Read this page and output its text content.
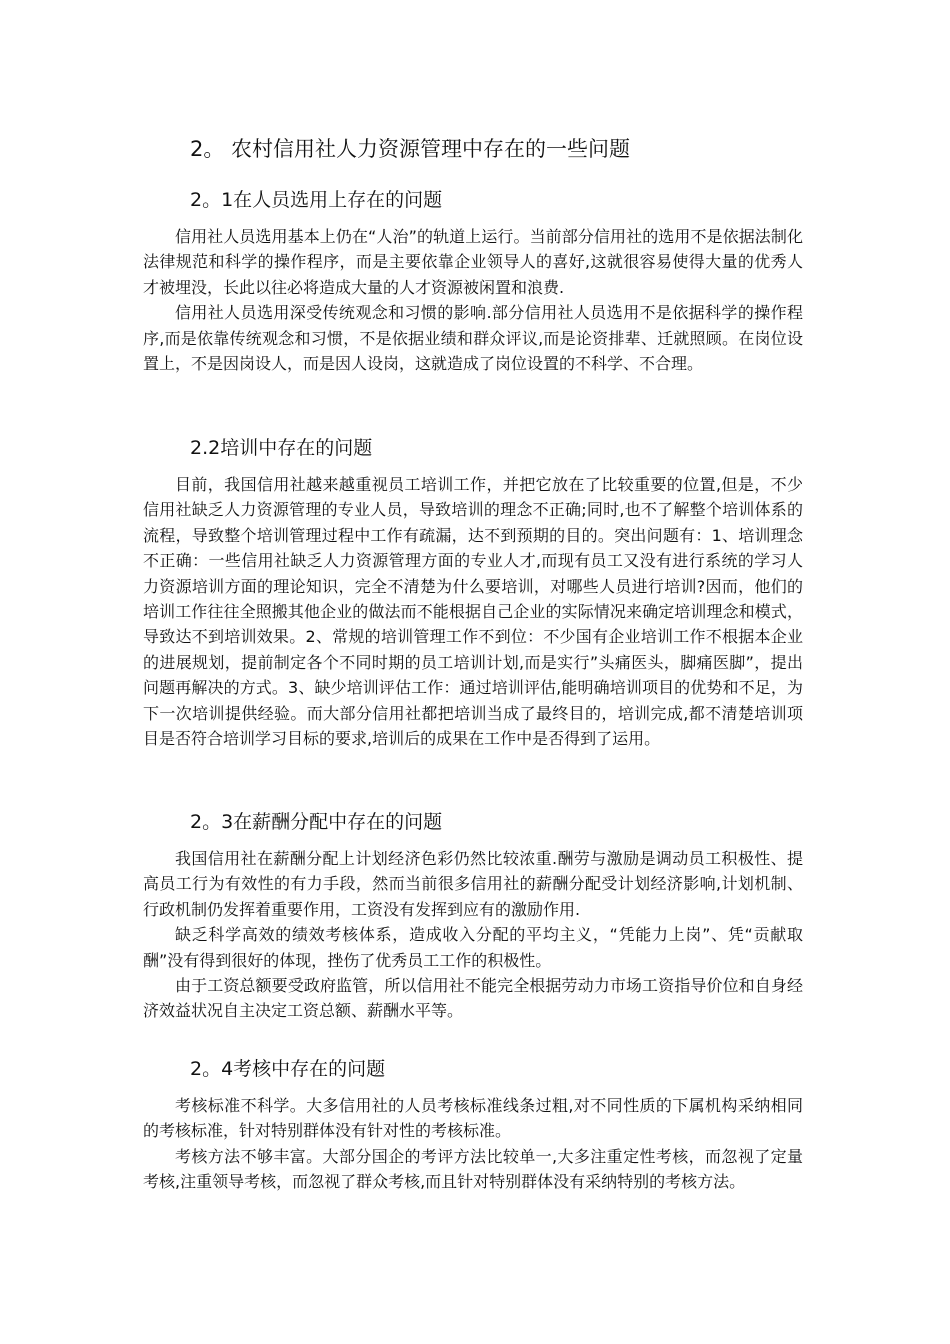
2。 农村信用社人力资源管理中存在的一些问题
2。1在人员选用上存在的问题

信用社人员选用基本上仍在“人治”的轨道上运行。当前部分信用社的选用不是依据法制化法律规范和科学的操作程序，而是主要依靠企业领导人的喜好,这就很容易使得大量的优秀人才被埋没，长此以往必将造成大量的人才资源被闲置和浪费.

信用社人员选用深受传统观念和习惯的影响.部分信用社人员选用不是依据科学的操作程序,而是依靠传统观念和习惯，不是依据业绩和群众评议,而是论资排辈、迁就照顾。在岗位设置上，不是因岗设人，而是因人设岗，这就造成了岗位设置的不科学、不合理。

2.2培训中存在的问题

目前，我国信用社越来越重视员工培训工作，并把它放在了比较重要的位置,但是，不少信用社缺乏人力资源管理的专业人员，导致培训的理念不正确;同时,也不了解整个培训体系的流程，导致整个培训管理过程中工作有疏漏，达不到预期的目的。突出问题有：1、培训理念不正确：一些信用社缺乏人力资源管理方面的专业人才,而现有员工又没有进行系统的学习人力资源培训方面的理论知识，完全不清楚为什么要培训，对哪些人员进行培训?因而，他们的培训工作往往全照搬其他企业的做法而不能根据自己企业的实际情况来确定培训理念和模式，导致达不到培训效果。2、常规的培训管理工作不到位：不少国有企业培训工作不根据本企业的进展规划，提前制定各个不同时期的员工培训计划,而是实行”头痛医头，脚痛医脚”，提出问题再解决的方式。3、缺少培训评估工作：通过培训评估,能明确培训项目的优势和不足，为下一次培训提供经验。而大部分信用社都把培训当成了最终目的，培训完成,都不清楚培训项目是否符合培训学习目标的要求,培训后的成果在工作中是否得到了运用。

2。3在薪酬分配中存在的问题

我国信用社在薪酬分配上计划经济色彩仍然比较浓重.酬劳与激励是调动员工积极性、提高员工行为有效性的有力手段，然而当前很多信用社的薪酬分配受计划经济影响,计划机制、行政机制仍发挥着重要作用，工资没有发挥到应有的激励作用.

缺乏科学高效的绩效考核体系，造成收入分配的平均主义，“凭能力上岗”、凭“贡献取酬”没有得到很好的体现，挫伤了优秀员工工作的积极性。

由于工资总额要受政府监管，所以信用社不能完全根据劳动力市场工资指导价位和自身经济效益状况自主决定工资总额、薪酬水平等。

2。4考核中存在的问题

考核标准不科学。大多信用社的人员考核标准线条过粗,对不同性质的下属机构采纳相同的考核标准，针对特别群体没有针对性的考核标准。

考核方法不够丰富。大部分国企的考评方法比较单一,大多注重定性考核，而忽视了定量考核,注重领导考核，而忽视了群众考核,而且针对特别群体没有采纳特别的考核方法。
